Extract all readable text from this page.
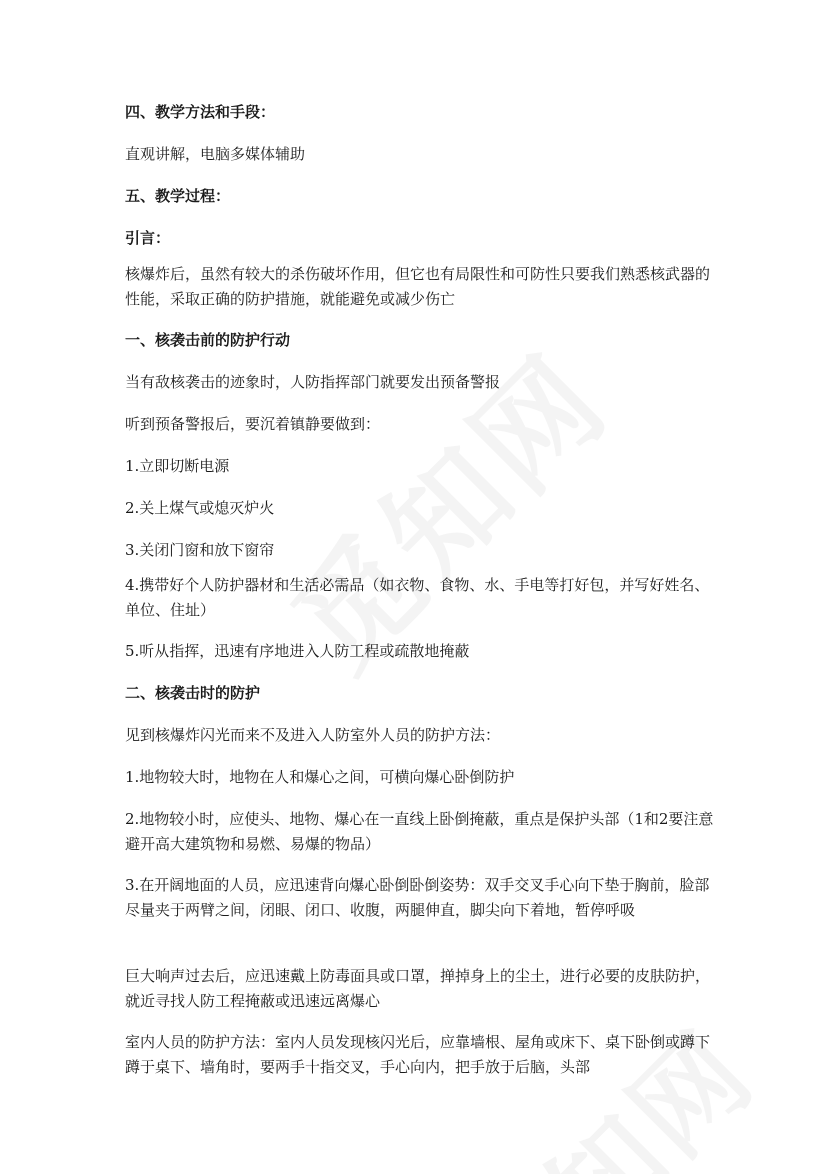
四、教学方法和手段：

直观讲解，电脑多媒体辅助

五、教学过程：

引言：

核爆炸后，虽然有较大的杀伤破坏作用，但它也有局限性和可防性只要我们熟悉核武器的性能，采取正确的防护措施，就能避免或减少伤亡

一、核袭击前的防护行动

当有敌核袭击的迹象时，人防指挥部门就要发出预备警报

听到预备警报后，要沉着镇静要做到：

1.立即切断电源

2.关上煤气或熄灭炉火

3.关闭门窗和放下窗帘

4.携带好个人防护器材和生活必需品（如衣物、食物、水、手电等打好包，并写好姓名、单位、住址）

5.听从指挥，迅速有序地进入人防工程或疏散地掩蔽

二、核袭击时的防护

见到核爆炸闪光而来不及进入人防室外人员的防护方法：

1.地物较大时，地物在人和爆心之间，可横向爆心卧倒防护

2.地物较小时，应使头、地物、爆心在一直线上卧倒掩蔽，重点是保护头部（1和2要注意避开高大建筑物和易燃、易爆的物品）

3.在开阔地面的人员，应迅速背向爆心卧倒卧倒姿势：双手交叉手心向下垫于胸前，脸部尽量夹于两臂之间，闭眼、闭口、收腹，两腿伸直，脚尖向下着地，暂停呼吸

巨大响声过去后，应迅速戴上防毒面具或口罩，掸掉身上的尘土，进行必要的皮肤防护，就近寻找人防工程掩蔽或迅速远离爆心

室内人员的防护方法：室内人员发现核闪光后，应靠墙根、屋角或床下、桌下卧倒或蹲下蹲于桌下、墙角时，要两手十指交叉，手心向内，把手放于后脑，头部
